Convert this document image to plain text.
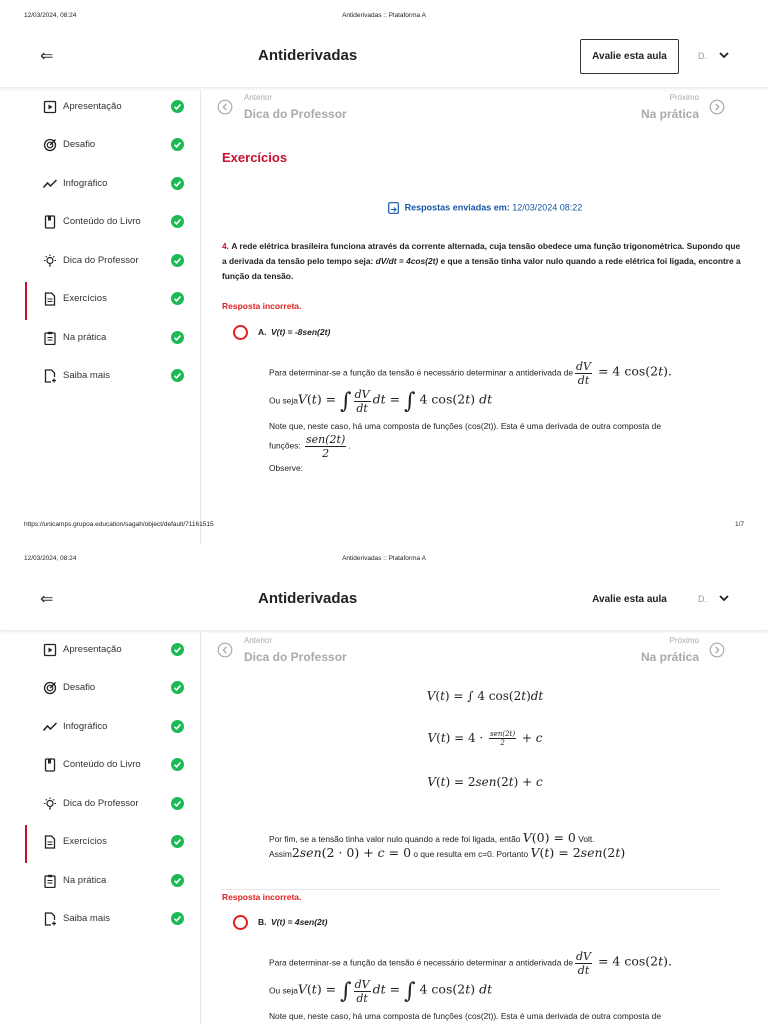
12/03/2024, 08:24	Antiderivadas :: Plataforma A
⇐	Antiderivadas	Avalie esta aula	D.
Apresentação
Desafio
Infográfico
Conteúdo do Livro
Dica do Professor
Exercícios
Na prática
Saiba mais
Anterior
Dica do Professor
Próximo
Na prática
Exercícios
Respostas enviadas em: 12/03/2024 08:22
4. A rede elétrica brasileira funciona através da corrente alternada, cuja tensão obedece uma função trigonométrica. Supondo que a derivada da tensão pelo tempo seja: dV/dt = 4cos(2t) e que a tensão tinha valor nulo quando a rede elétrica foi ligada, encontre a função da tensão.
Resposta incorreta.
A. V(t) = -8sen(2t)
Para determinar-se a função da tensão é necessário determinar a antiderivada de $\frac{dV}{dt} = 4$ cos(2t).
Ou sejaV(t) = ∫ $\frac{dV}{dt}$ dt = ∫ 4 cos(2t) dt
Note que, neste caso, há uma composta de funções (cos(2t)). Esta é uma derivada de outra composta de
funções: $\frac{\text{sen(2t)}}{2}$ .
Observe:
https://unicamps.grupoa.education/sagah/object/default/71161515	1/7
12/03/2024, 08:24	Antiderivadas :: Plataforma A
⇐	Antiderivadas	Avalie esta aula	D.
Apresentação
Desafio
Infográfico
Conteúdo do Livro
Dica do Professor
Exercícios
Na prática
Saiba mais
Anterior
Dica do Professor
Próximo
Na prática
V(t) = ∫ 4 cos(2t)dt
$V(t) = 4 \cdot \frac{\text{sen(2t)}}{2} + c$
V(t) = 2sen(2t) + c
Por fim, se a tensão tinha valor nulo quando a rede foi ligada, então V(0) = 0 Volt.
Assim2sen(2 · 0) + c = 0 o que resulta em c=0. Portanto V(t) = 2sen(2t)
Resposta incorreta.
B. V(t) = 4sen(2t)
Para determinar-se a função da tensão é necessário determinar a antiderivada de $\frac{dV}{dt} = 4$ cos(2t).
Ou sejaV(t) = ∫ $\frac{dV}{dt}$ dt = ∫ 4 cos(2t) dt
Note que, neste caso, há uma composta de funções (cos(2t)). Esta é uma derivada de outra composta de
